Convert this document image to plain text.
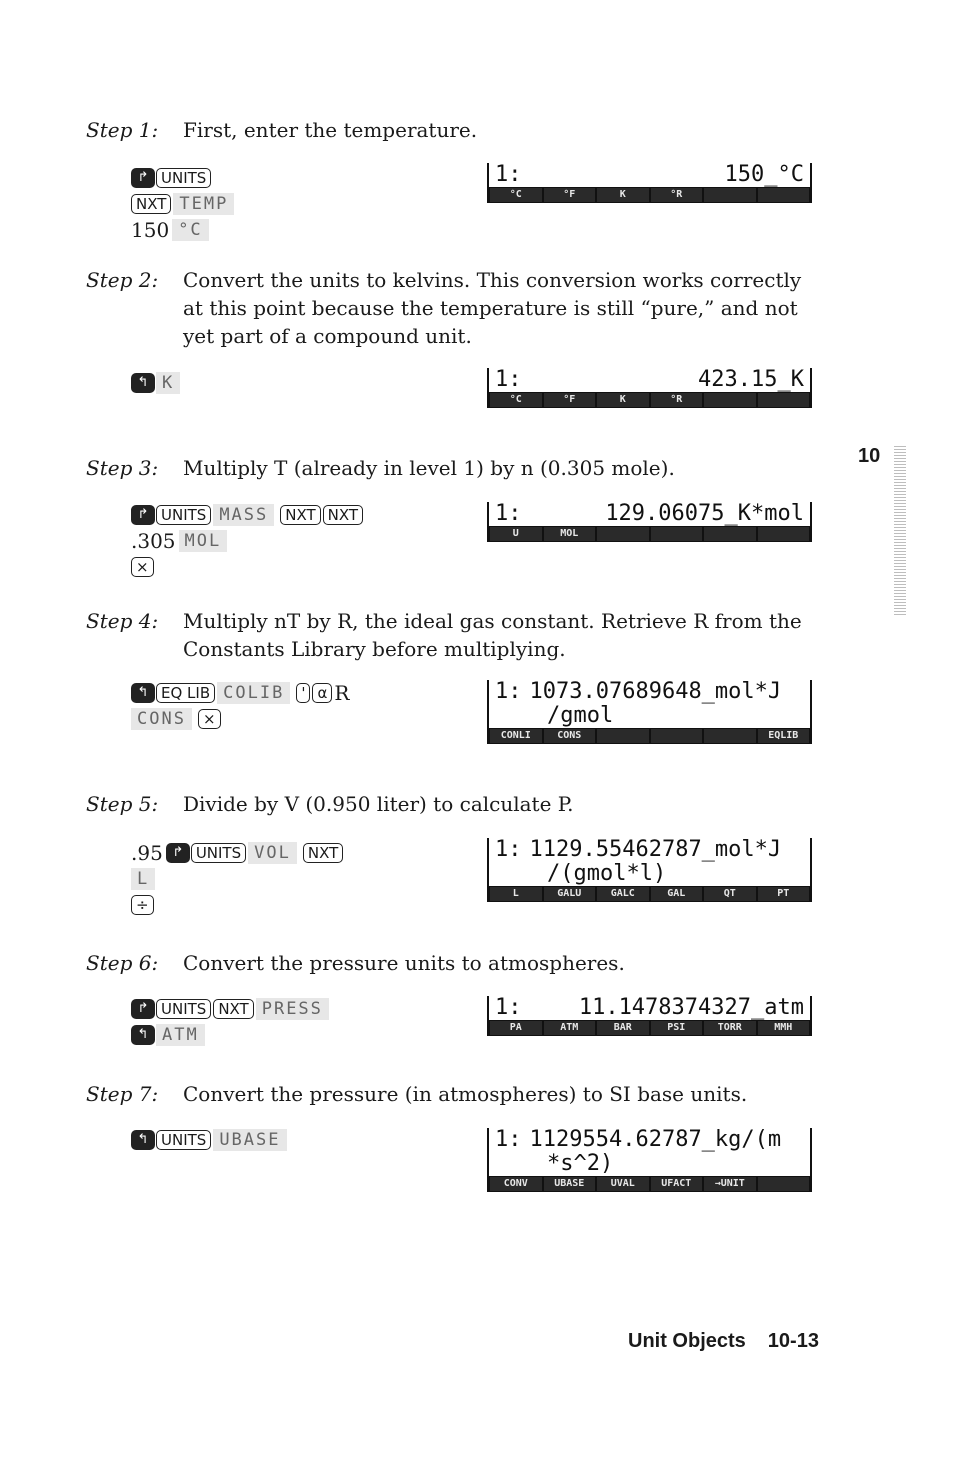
Step 1: First, enter the temperature.
↱ UNITS
NXT TEMP
150 °C
1:	150_°C
°C	°F	K	°R
Step 2: Convert the units to kelvins. This conversion works correctly at this point because the temperature is still “pure,” and not yet part of a compound unit.
↰ K	1:	423.15_K
°C	°F	K	°R
Step 3: Multiply T (already in level 1) by n (0.305 mole).
↱ UNITS MASS NXT NXT
.305 MOL
×
1:	129.06075_K*mol
U	MOL
Step 4: Multiply nT by R, the ideal gas constant. Retrieve R from the Constants Library before multiplying.
↰ EQ LIB COLIB ' α R
CONS ×
1: 1073.07689648_mol*J
/gmol
CONLI	CONS	EQLIB
Step 5: Divide by V (0.950 liter) to calculate P.
.95 ↱ UNITS VOL NXT
L
÷
1: 1129.55462787_mol*J
/(gmol*l)
L	GALU	GALC	GAL	QT	PT
Step 6: Convert the pressure units to atmospheres.
↱ UNITS NXT PRESS
↰ ATM
1:	11.1478374327_atm
PA	ATM	BAR	PSI	TORR	MMH
Step 7: Convert the pressure (in atmospheres) to SI base units.
↰ UNITS UBASE	1: 1129554.62787_kg/(m
*s^2)
CONV	UBASE	UVAL	UFACT	→UNIT
10
Unit Objects 10-13
